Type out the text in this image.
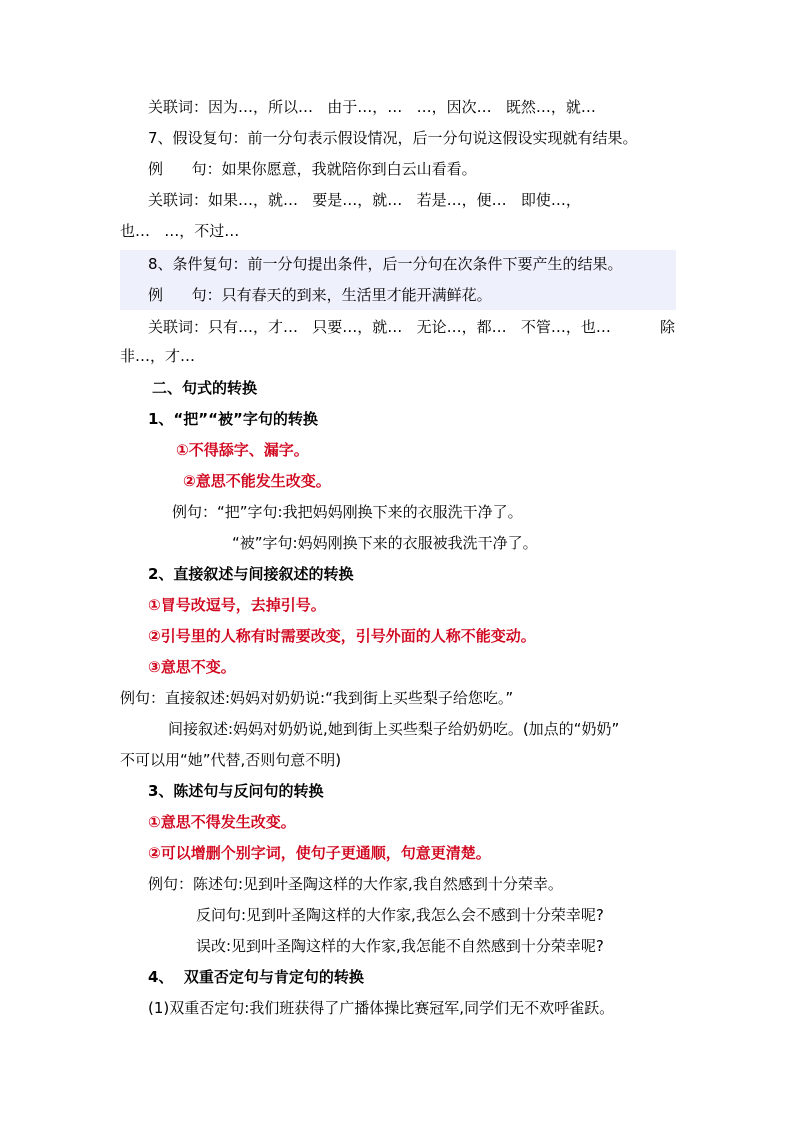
关联词：因为…，所以…   由于…，…   …，因次…   既然…，就…
7、假设复句：前一分句表示假设情况，后一分句说这假设实现就有结果。
例      句：如果你愿意，我就陪你到白云山看看。
关联词：如果…，就…   要是…，就…   若是…，便…   即使…，
也…   …，不过…
8、条件复句：前一分句提出条件，后一分句在次条件下要产生的结果。
例      句：只有春天的到来，生活里才能开满鲜花。
关联词：只有…，才…   只要…，就…   无论…，都…   不管…，也…	除
非…，才…
二、句式的转换
1、“把”“被”字句的转换
①不得舔字、漏字。
②意思不能发生改变。
例句：“把”字句:我把妈妈刚换下来的衣服洗干净了。
“被”字句:妈妈刚换下来的衣服被我洗干净了。
2、直接叙述与间接叙述的转换
①冒号改逗号，去掉引号。
②引号里的人称有时需要改变，引号外面的人称不能变动。
③意思不变。
例句：直接叙述:妈妈对奶奶说:“我到街上买些梨子给您吃。”
间接叙述:妈妈对奶奶说,她到街上买些梨子给奶奶吃。(加点的“奶奶”
不可以用“她”代替,否则句意不明)
3、陈述句与反问句的转换
①意思不得发生改变。
②可以增删个别字词，使句子更通顺，句意更清楚。
例句：陈述句:见到叶圣陶这样的大作家,我自然感到十分荣幸。
反问句:见到叶圣陶这样的大作家,我怎么会不感到十分荣幸呢?
误改:见到叶圣陶这样的大作家,我怎能不自然感到十分荣幸呢?
4、  双重否定句与肯定句的转换
(1)双重否定句:我们班获得了广播体操比赛冠军,同学们无不欢呼雀跃。
